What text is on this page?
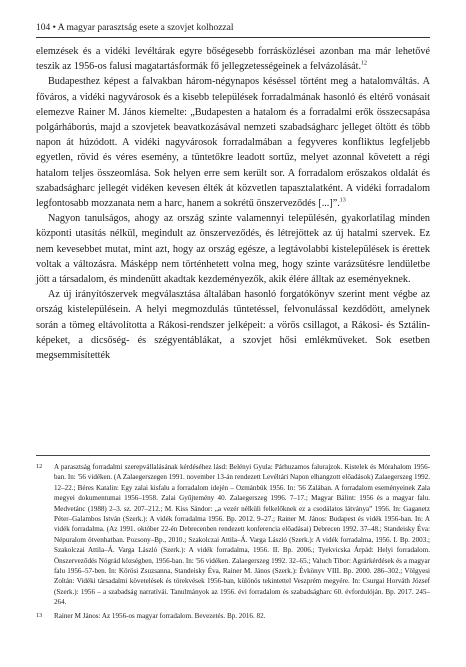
104 • A magyar parasztság esete a szovjet kolhozzal

elemzések és a vidéki levéltárak egyre bőségesebb forrásközlései azonban ma már lehetővé teszik az 1956-os falusi magatartásformák fő jellegzetességeinek a felvázolását.$^{12}$

Budapesthez képest a falvakban három-négynapos késéssel történt meg a hatalomváltás. A főváros, a vidéki nagyvárosok és a kisebb települések forradalmának hasonló és eltérő vonásait elemezve Rainer M. János kiemelte: „Budapesten a hatalom és a forradalmi erők összecsapása polgárháborús, majd a szovjetek beavatkozásával nemzeti szabadságharc jelleget öltött és több napon át húzódott. A vidéki nagyvárosok forradalmában a fegyveres konfliktus legfeljebb egyetlen, rövid és véres esemény, a tüntetőkre leadott sortűz, melyet azonnal követett a régi hatalom teljes összeomlása. Sok helyen erre sem került sor. A forradalom erőszakos oldalát és szabadságharc jellegét vidéken kevesen élték át közvetlen tapasztalatként. A vidéki forradalom legfontosabb mozzanata nem a harc, hanem a sokrétű önszerveződés [...]”.$^{13}$

Nagyon tanulságos, ahogy az ország szinte valamennyi településén, gyakorlatilag minden központi utasítás nélkül, megindult az önszerveződés, és létrejöttek az új hatalmi szervek. Ez nem kevesebbet mutat, mint azt, hogy az ország egésze, a legtávolabbi kistelepülések is érettek voltak a változásra. Másképp nem történhetett volna meg, hogy szinte varázsütésre lendületbe jött a társadalom, és mindenütt akadtak kezdeményezők, akik élére álltak az eseményeknek.

Az új irányítószervek megválasztása általában hasonló forgatókönyv szerint ment végbe az ország kistelepülésein. A helyi megmozdulás tüntetéssel, felvonulással kezdődött, amelynek során a tömeg eltávolította a Rákosi-rendszer jelképeit: a vörös csillagot, a Rákosi- és Sztálin- képeket, a dicsőség- és szégyentáblákat, a szovjet hősi emlékműveket. Sok esetben megsemmisítették

12	A parasztság forradalmi szerepvállalásának kérdéséhez lásd: Belényi Gyula: Párhuzamos falurajzok. Kistelek és Mórahalom 1956-ban. In: '56 vidéken. (A Zalaegerszegen 1991. november 13-án rendezett Levéltári Napon elhangzott előadások) Zalaegerszeg 1992. 12–22.; Béres Katalin: Egy zalai kisfalu a forradalom idején – Ozmánbük 1956. In: '56 Zalában. A forradalom eseményeinek Zala megyei dokumentumai 1956–1958. Zalai Gyűjtemény 40. Zalaegerszeg 1996. 7–17.; Magyar Bálint: 1956 és a magyar falu. Medvetánc (1988) 2–3. sz. 207–212.; M. Kiss Sándor: „a vezér nélküli felkelőknek ez a csodálatos látványa” 1956. In: Gaganetz Péter–Galambos István (Szerk.): A vidék forradalma 1956. Bp. 2012. 9–27.; Rainer M. János: Budapest és vidék 1956-ban. In: A vidék forradalma. (Az 1991. október 22-én Debrecenben rendezett konferencia előadásai) Debrecen 1992. 37–48.; Standeisky Éva: Népuralom ötvenhatban. Pozsony–Bp., 2010.; Szakolczai Attila–Á. Varga László (Szerk.): A vidék forradalma, 1956. I. Bp. 2003.; Szakolczai Attila–Á. Varga László (Szerk.): A vidék forradalma, 1956. II. Bp. 2006.; Tyekvicska Árpád: Helyi forradalom. Önszerveződés Nógrád községben, 1956-ban. In: '56 vidéken. Zalaegerszeg 1992. 32–65.; Valuch Tibor: Agrárkérdések és a magyar falu 1956–57-ben. In: Körösi Zsuzsanna, Standeisky Éva, Rainer M. János (Szerk.): Évkönyv VIII. Bp. 2000. 286–302.; Völgyesi Zoltán: Vidéki társadalmi követelések és törekvések 1956-ban, különös tekintettel Veszprém megyére. In: Csurgai Horváth József (Szerk.): 1956 – a szabadság narratívái. Tanulmányok az 1956. évi forradalom és szabadságharc 60. évfordulóján. Bp. 2017. 245–264.
13	Rainer M János: Az 1956-os magyar forradalom. Bevezetés. Bp. 2016. 82.
